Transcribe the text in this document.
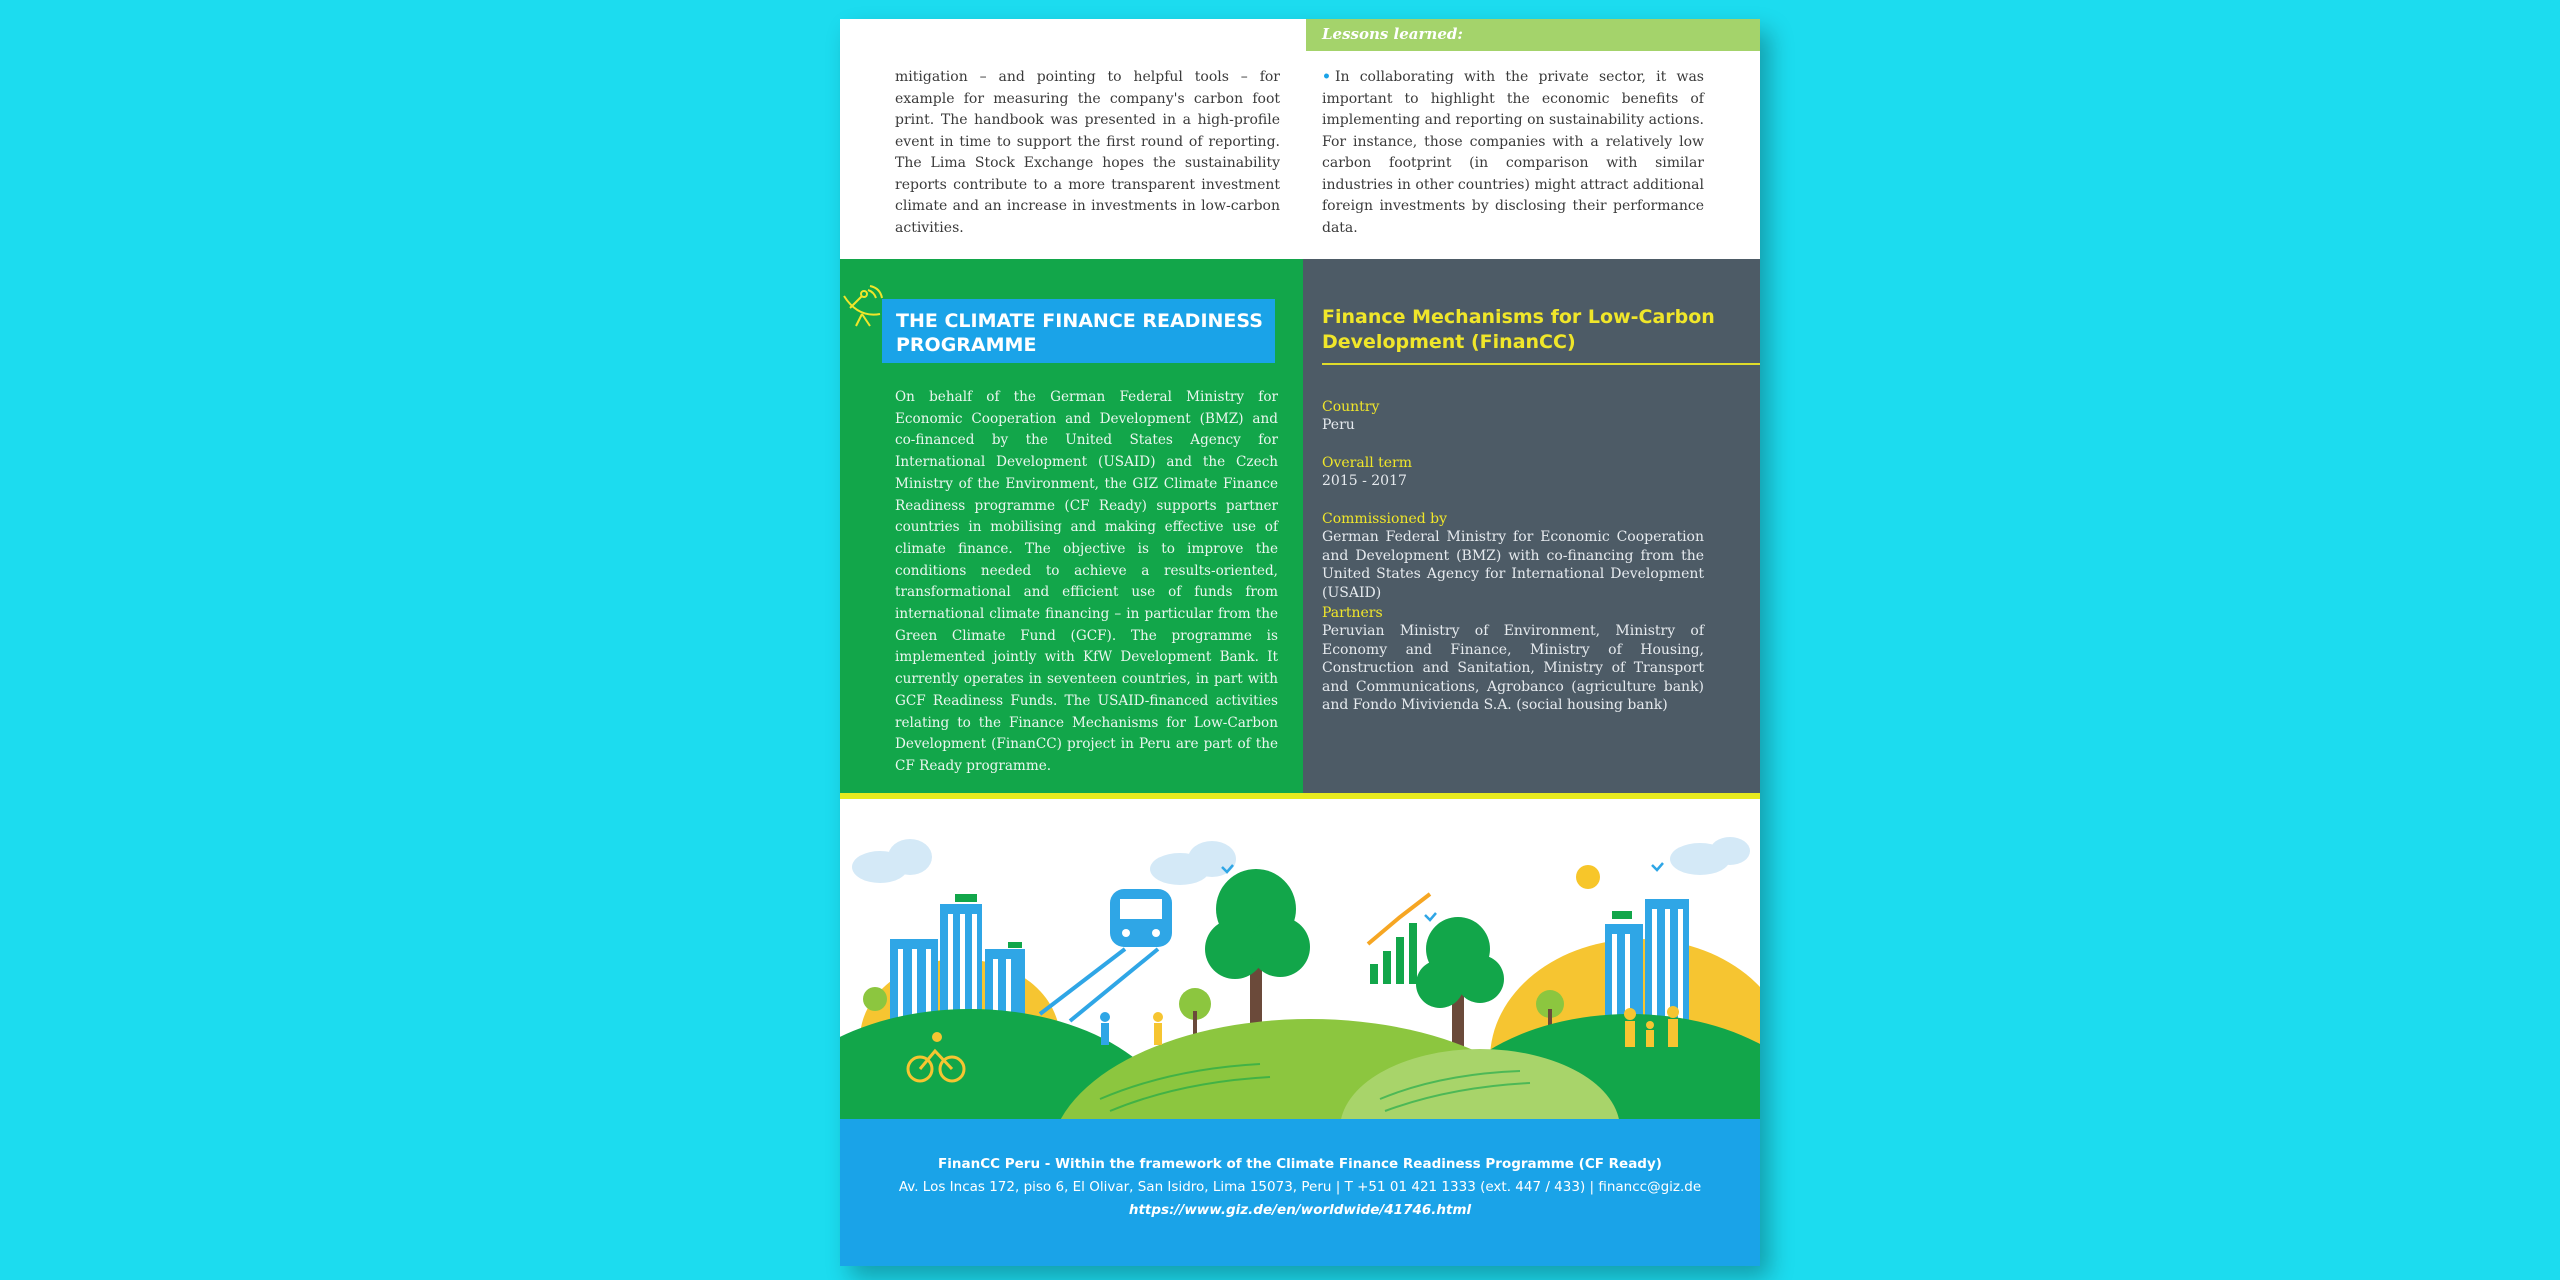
Lessons learned:
mitigation – and pointing to helpful tools – for example for measuring the company's carbon foot print. The handbook was presented in a high-profile event in time to support the first round of reporting. The Lima Stock Exchange hopes the sustainability reports contribute to a more transparent investment climate and an increase in investments in low-carbon activities.
• In collaborating with the private sector, it was important to highlight the economic benefits of implementing and reporting on sustainability actions. For instance, those companies with a relatively low carbon footprint (in comparison with similar industries in other countries) might attract additional foreign investments by disclosing their performance data.
THE CLIMATE FINANCE READINESS PROGRAMME
On behalf of the German Federal Ministry for Economic Cooperation and Development (BMZ) and co-financed by the United States Agency for International Development (USAID) and the Czech Ministry of the Environment, the GIZ Climate Finance Readiness programme (CF Ready) supports partner countries in mobilising and making effective use of climate finance. The objective is to improve the conditions needed to achieve a results-oriented, transformational and efficient use of funds from international climate financing – in particular from the Green Climate Fund (GCF). The programme is implemented jointly with KfW Development Bank. It currently operates in seventeen countries, in part with GCF Readiness Funds. The USAID-financed activities relating to the Finance Mechanisms for Low-Carbon Development (FinanCC) project in Peru are part of the CF Ready programme.
Finance Mechanisms for Low-Carbon Development (FinanCC)
Country
Peru
Overall term
2015 - 2017
Commissioned by
German Federal Ministry for Economic Cooperation and Development (BMZ) with co-financing from the United States Agency for International Development (USAID)
Partners
Peruvian Ministry of Environment, Ministry of Economy and Finance, Ministry of Housing, Construction and Sanitation, Ministry of Transport and Communications, Agrobanco (agriculture bank) and Fondo Mivivienda S.A. (social housing bank)
FinanCC Peru - Within the framework of the Climate Finance Readiness Programme (CF Ready)
Av. Los Incas 172, piso 6, El Olivar, San Isidro, Lima 15073, Peru | T +51 01 421 1333 (ext. 447 / 433) | financc@giz.de
https://www.giz.de/en/worldwide/41746.html
